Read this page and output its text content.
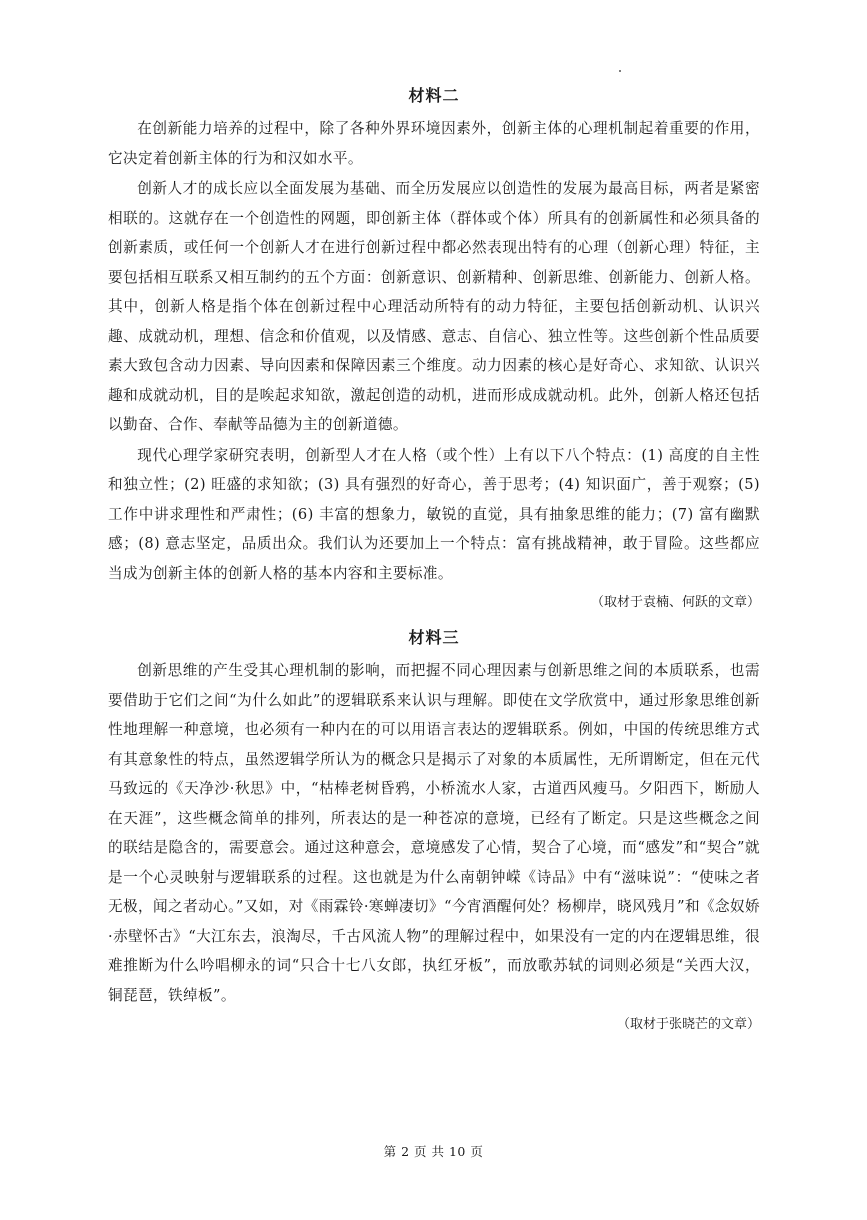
材料二

在创新能力培养的过程中，除了各种外界环境因素外，创新主体的心理机制起着重要的作用，它决定着创新主体的行为和汉如水平。

创新人才的成长应以全面发展为基础、而全历发展应以创造性的发展为最高目标，两者是紧密相联的。这就存在一个创造性的网题，即创新主体（群体或个体）所具有的创新属性和必须具备的创新素质，或任何一个创新人才在进行创新过程中都必然表现出特有的心理（创新心理）特征，主要包括相互联系又相互制约的五个方面：创新意识、创新精种、创新思维、创新能力、创新人格。其中，创新人格是指个体在创新过程中心理活动所特有的动力特征，主要包括创新动机、认识兴趣、成就动机，理想、信念和价值观，以及情感、意志、自信心、独立性等。这些创新个性品质要素大致包含动力因素、导向因素和保障因素三个维度。动力因素的核心是好奇心、求知欲、认识兴趣和成就动机，目的是唉起求知欲，激起创造的动机，进而形成成就动机。此外，创新人格还包括以勤奋、合作、奉献等品德为主的创新道德。

现代心理学家研究表明，创新型人才在人格（或个性）上有以下八个特点：(1) 高度的自主性和独立性；(2) 旺盛的求知欲；(3) 具有强烈的好奇心，善于思考；(4) 知识面广，善于观察；(5) 工作中讲求理性和严肃性；(6) 丰富的想象力，敏锐的直觉，具有抽象思维的能力；(7) 富有幽默感；(8) 意志坚定，品质出众。我们认为还要加上一个特点：富有挑战精神，敢于冒险。这些都应当成为创新主体的创新人格的基本内容和主要标准。

（取材于袁楠、何跃的文章）
材料三

创新思维的产生受其心理机制的影响，而把握不同心理因素与创新思维之间的本质联系，也需要借助于它们之间“为什么如此”的逻辑联系来认识与理解。即使在文学欣赏中，通过形象思维创新性地理解一种意境，也必须有一种内在的可以用语言表达的逻辑联系。例如，中国的传统思维方式有其意象性的特点，虽然逻辑学所认为的概念只是揭示了对象的本质属性，无所谓断定，但在元代马致远的《天净沙·秋思》中，“枯棒老树昏鸦，小桥流水人家，古道西风瘦马。夕阳西下，断励人在天涯”，这些概念简单的排列，所表达的是一种苍凉的意境，已经有了断定。只是这些概念之间的联结是隐含的，需要意会。通过这种意会，意境感发了心情，契合了心境，而“感发”和“契合”就是一个心灵映射与逻辑联系的过程。这也就是为什么南朝钟嵘《诗品》中有“滋味说”：“使味之者无极，闻之者动心。”又如，对《雨霖铃·寒蝉凄切》“今宵酒醒何处？杨柳岸，晓风残月”和《念奴娇·赤壁怀古》“大江东去，浪淘尽，千古风流人物”的理解过程中，如果没有一定的内在逻辑思维，很难推断为什么吟唱柳永的词“只合十七八女郎，执红牙板”，而放歌苏轼的词则必须是“关西大汉，铜琵琶，铁绰板”。

（取材于张晓芒的文章）
第 2 页 共 10 页
